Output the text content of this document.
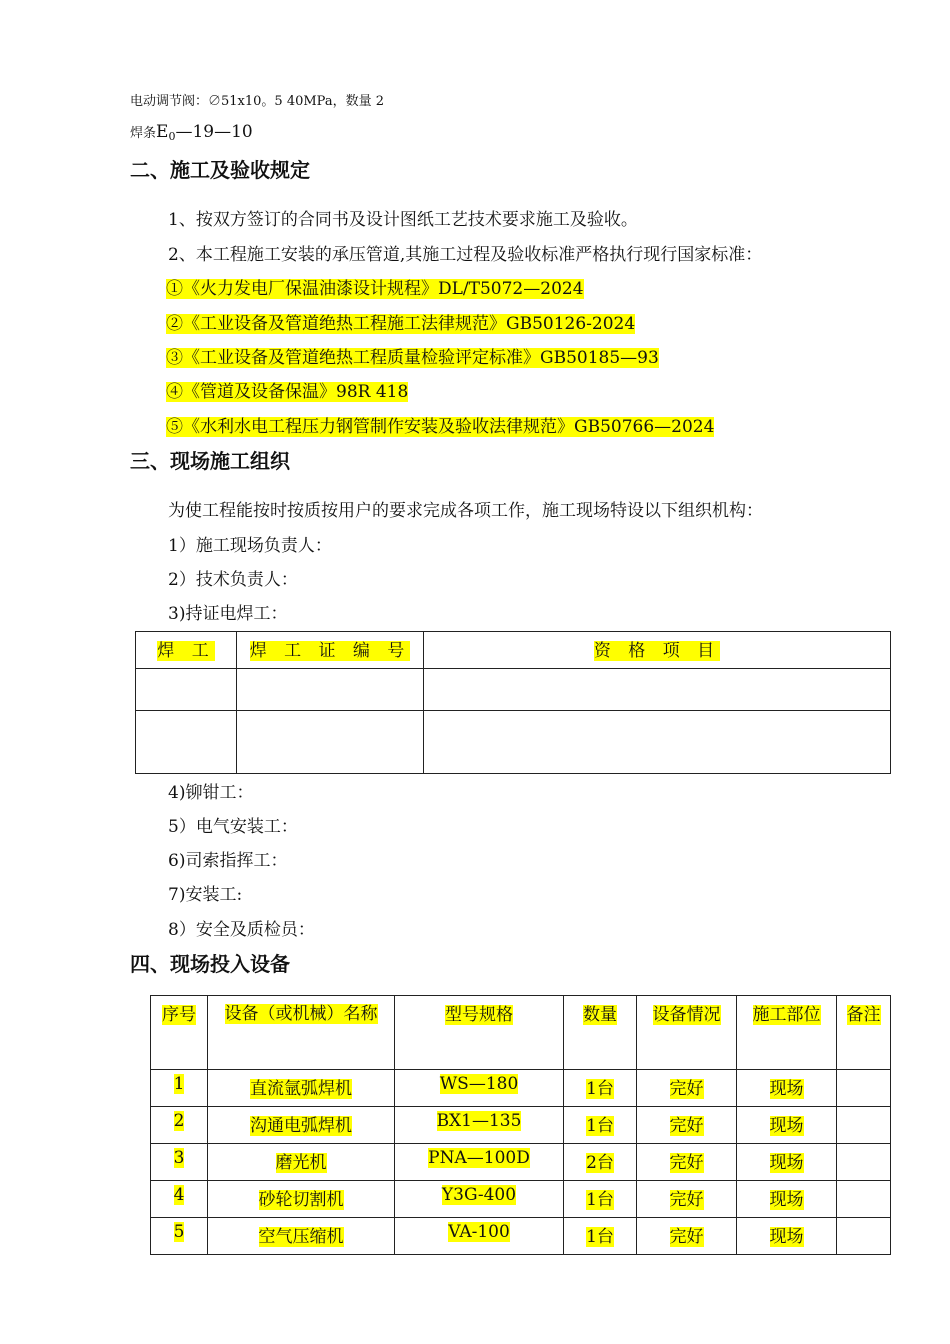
电动调节阀：∅51x10。5 40MPa，数量 2
焊条$E_0—19—10$
二、施工及验收规定
1、按双方签订的合同书及设计图纸工艺技术要求施工及验收。
2、本工程施工安装的承压管道,其施工过程及验收标准严格执行现行国家标准：
①《火力发电厂保温油漆设计规程》DL/T5072—2024
②《工业设备及管道绝热工程施工法律规范》GB50126-2024
③《工业设备及管道绝热工程质量检验评定标准》GB50185—93
④《管道及设备保温》98R 418
⑤《水利水电工程压力钢管制作安装及验收法律规范》GB50766—2024
三、现场施工组织
为使工程能按时按质按用户的要求完成各项工作，施工现场特设以下组织机构：
1）施工现场负责人：
2）技术负责人：
3)持证电焊工：
焊 工	焊 工 证 编 号	资 格 项 目

4)铆钳工：
5）电气安装工：
6)司索指挥工：
7)安装工:
8）安全及质检员：
四、现场投入设备
序号	设备（或机械）名称	型号规格	数量	设备情况	施工部位	备注
1	直流氩弧焊机	WS—180	1台	完好	现场	
2	沟通电弧焊机	BX1—135	1台	完好	现场	
3	磨光机	PNA—100D	2台	完好	现场	
4	砂轮切割机	Y3G-400	1台	完好	现场	
5	空气压缩机	VA-100	1台	完好	现场	
